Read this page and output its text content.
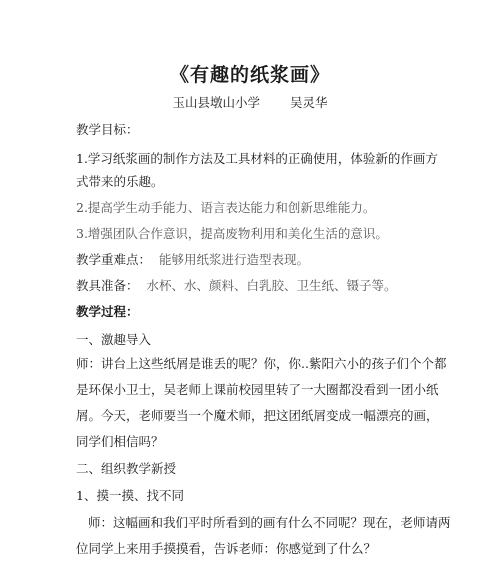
《有趣的纸浆画》
玉山县墩山小学 吴灵华
教学目标：
1.学习纸浆画的制作方法及工具材料的正确使用，体验新的作画方
式带来的乐趣。
2.提高学生动手能力、语言表达能力和创新思维能力。
3.增强团队合作意识，提高废物利用和美化生活的意识。
教学重难点： 能够用纸浆进行造型表现。
教具准备： 水杯、水、颜料、白乳胶、卫生纸、镊子等。
教学过程：
一、激趣导入
师：讲台上这些纸屑是谁丢的呢？你，你..紫阳六小的孩子们个个都
是环保小卫士，吴老师上课前校园里转了一大圈都没看到一团小纸
屑。今天，老师要当一个魔术师，把这团纸屑变成一幅漂亮的画，
同学们相信吗？
二、组织教学新授
1、摸一摸、找不同
师：这幅画和我们平时所看到的画有什么不同呢？现在，老师请两
位同学上来用手摸摸看，告诉老师：你感觉到了什么？
